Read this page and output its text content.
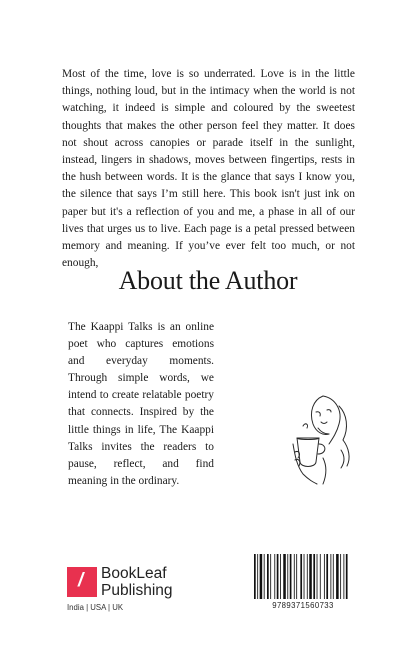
Most of the time, love is so underrated. Love is in the little things, nothing loud, but in the intimacy when the world is not watching, it indeed is simple and coloured by the sweetest thoughts that makes the other person feel they matter. It does not shout across canopies or parade itself in the sunlight, instead, lingers in shadows, moves between fingertips, rests in the hush between words. It is the glance that says I know you, the silence that says I’m still here. This book isn't just ink on paper but it's a reflection of you and me, a phase in all of our lives that urges us to live. Each page is a petal pressed between memory and meaning. If you’ve ever felt too much, or not enough,

About the Author

The Kaappi Talks is an online poet who captures emotions and everyday moments. Through simple words, we intend to create relatable poetry that connects. Inspired by the little things in life, The Kaappi Talks invites the readers to pause, reflect, and find meaning in the ordinary.

/ BookLeaf
Publishing

India | USA | UK	9789371560733
